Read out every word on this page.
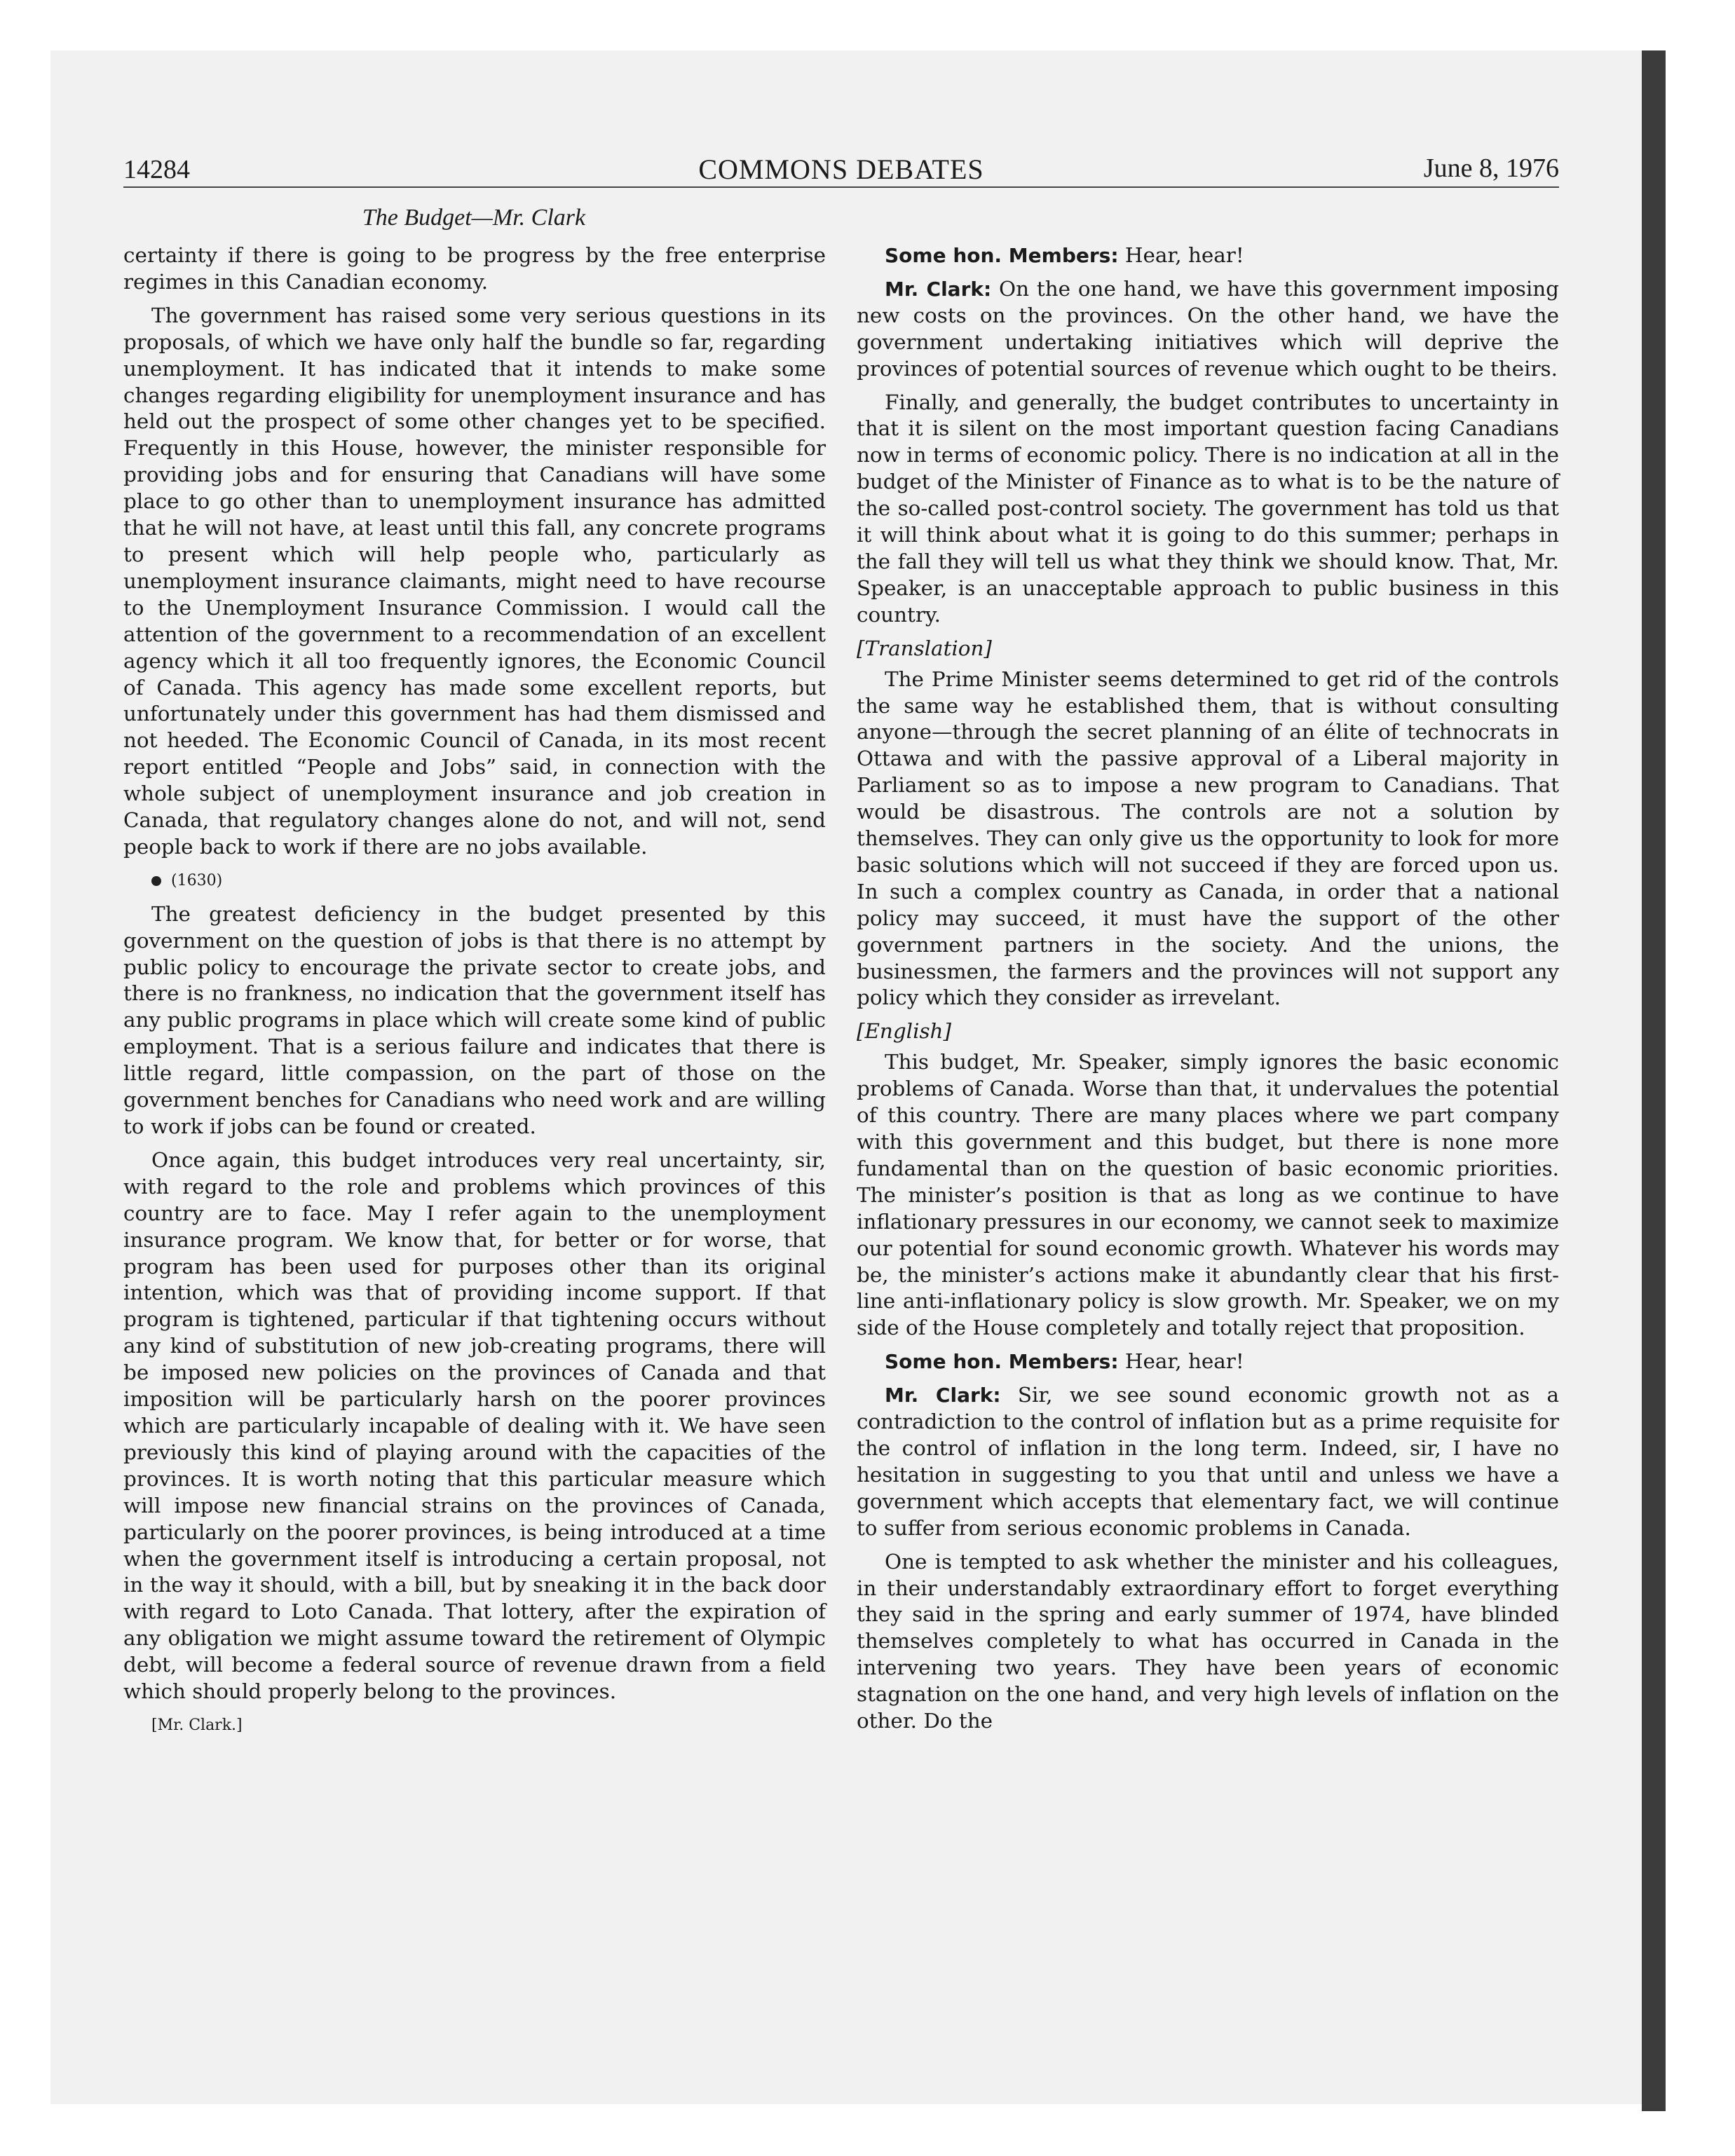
14284	COMMONS DEBATES	June 8, 1976
The Budget—Mr. Clark

certainty if there is going to be progress by the free enterprise regimes in this Canadian economy.

The government has raised some very serious questions in its proposals, of which we have only half the bundle so far, regarding unemployment. It has indicated that it intends to make some changes regarding eligibility for unemployment insurance and has held out the prospect of some other changes yet to be specified. Frequently in this House, however, the minister responsible for providing jobs and for ensuring that Canadians will have some place to go other than to unemployment insurance has admitted that he will not have, at least until this fall, any concrete programs to present which will help people who, particularly as unemployment insurance claimants, might need to have recourse to the Unemployment Insurance Commission. I would call the attention of the government to a recommendation of an excellent agency which it all too frequently ignores, the Economic Council of Canada. This agency has made some excellent reports, but unfortunately under this government has had them dismissed and not heeded. The Economic Council of Canada, in its most recent report entitled “People and Jobs” said, in connection with the whole subject of unemployment insurance and job creation in Canada, that regulatory changes alone do not, and will not, send people back to work if there are no jobs available.

(1630)

The greatest deficiency in the budget presented by this government on the question of jobs is that there is no attempt by public policy to encourage the private sector to create jobs, and there is no frankness, no indication that the government itself has any public programs in place which will create some kind of public employment. That is a serious failure and indicates that there is little regard, little compassion, on the part of those on the government benches for Canadians who need work and are willing to work if jobs can be found or created.

Once again, this budget introduces very real uncertainty, sir, with regard to the role and problems which provinces of this country are to face. May I refer again to the unemployment insurance program. We know that, for better or for worse, that program has been used for purposes other than its original intention, which was that of providing income support. If that program is tightened, particular if that tightening occurs without any kind of substitution of new job-creating programs, there will be imposed new policies on the provinces of Canada and that imposition will be particularly harsh on the poorer provinces which are particularly incapable of dealing with it. We have seen previously this kind of playing around with the capacities of the provinces. It is worth noting that this particular measure which will impose new financial strains on the provinces of Canada, particularly on the poorer provinces, is being introduced at a time when the government itself is introducing a certain proposal, not in the way it should, with a bill, but by sneaking it in the back door with regard to Loto Canada. That lottery, after the expiration of any obligation we might assume toward the retirement of Olympic debt, will become a federal source of revenue drawn from a field which should properly belong to the provinces.

[Mr. Clark.]

Some hon. Members: Hear, hear!

Mr. Clark: On the one hand, we have this government imposing new costs on the provinces. On the other hand, we have the government undertaking initiatives which will deprive the provinces of potential sources of revenue which ought to be theirs.

Finally, and generally, the budget contributes to uncertainty in that it is silent on the most important question facing Canadians now in terms of economic policy. There is no indication at all in the budget of the Minister of Finance as to what is to be the nature of the so-called post-control society. The government has told us that it will think about what it is going to do this summer; perhaps in the fall they will tell us what they think we should know. That, Mr. Speaker, is an unacceptable approach to public business in this country.

[Translation]

The Prime Minister seems determined to get rid of the controls the same way he established them, that is without consulting anyone—through the secret planning of an élite of technocrats in Ottawa and with the passive approval of a Liberal majority in Parliament so as to impose a new program to Canadians. That would be disastrous. The controls are not a solution by themselves. They can only give us the opportunity to look for more basic solutions which will not succeed if they are forced upon us. In such a complex country as Canada, in order that a national policy may succeed, it must have the support of the other government partners in the society. And the unions, the businessmen, the farmers and the provinces will not support any policy which they consider as irrevelant.

[English]

This budget, Mr. Speaker, simply ignores the basic economic problems of Canada. Worse than that, it undervalues the potential of this country. There are many places where we part company with this government and this budget, but there is none more fundamental than on the question of basic economic priorities. The minister’s position is that as long as we continue to have inflationary pressures in our economy, we cannot seek to maximize our potential for sound economic growth. Whatever his words may be, the minister’s actions make it abundantly clear that his first-line anti-inflationary policy is slow growth. Mr. Speaker, we on my side of the House completely and totally reject that proposition.

Some hon. Members: Hear, hear!

Mr. Clark: Sir, we see sound economic growth not as a contradiction to the control of inflation but as a prime requisite for the control of inflation in the long term. Indeed, sir, I have no hesitation in suggesting to you that until and unless we have a government which accepts that elementary fact, we will continue to suffer from serious economic problems in Canada.

One is tempted to ask whether the minister and his colleagues, in their understandably extraordinary effort to forget everything they said in the spring and early summer of 1974, have blinded themselves completely to what has occurred in Canada in the intervening two years. They have been years of economic stagnation on the one hand, and very high levels of inflation on the other. Do the
